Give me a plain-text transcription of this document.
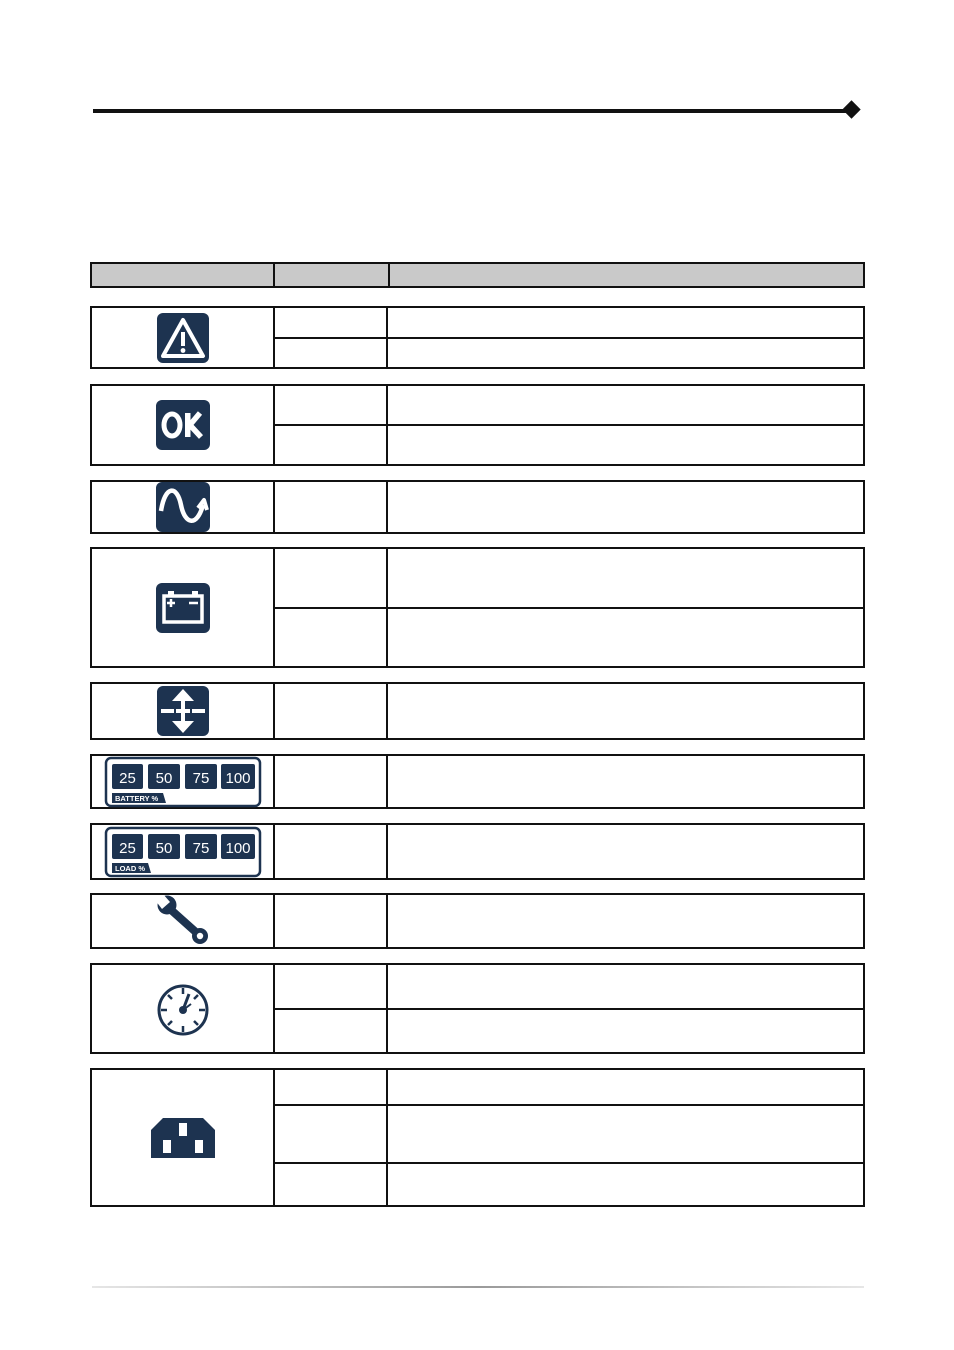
25 50 75 100
BATTERY %
25 50 75 100
LOAD %
